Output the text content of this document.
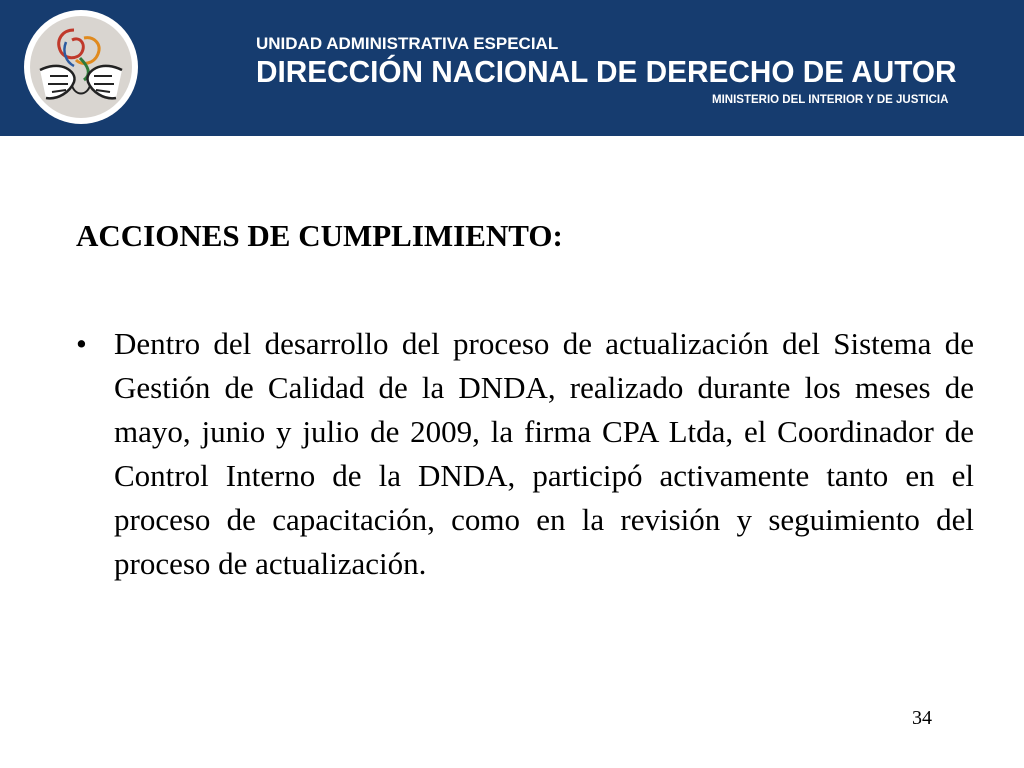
UNIDAD ADMINISTRATIVA ESPECIAL
DIRECCIÓN NACIONAL DE DERECHO DE AUTOR
MINISTERIO DEL INTERIOR Y DE JUSTICIA
ACCIONES DE CUMPLIMIENTO:
• Dentro del desarrollo del proceso de actualización del Sistema de Gestión de Calidad de la DNDA, realizado durante los meses de mayo, junio y julio de 2009, la firma CPA Ltda, el Coordinador de Control Interno de la DNDA, participó activamente tanto en el proceso de capacitación, como en la revisión y seguimiento del proceso de actualización.

34
